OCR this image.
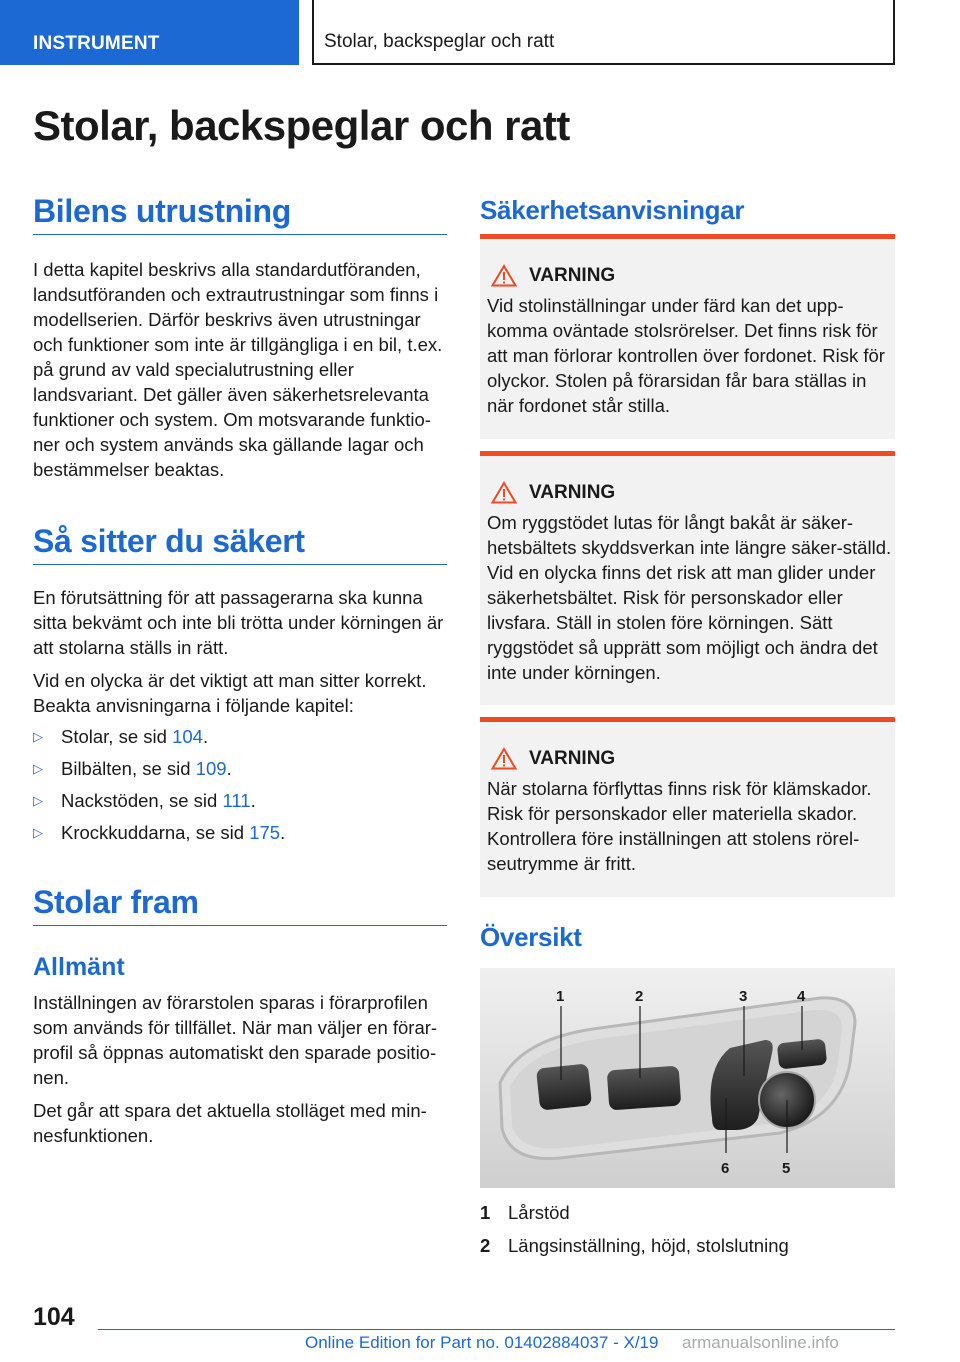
INSTRUMENT	Stolar, backspeglar och ratt
Stolar, backspeglar och ratt
Bilens utrustning

I detta kapitel beskrivs alla standardutföranden, landsutföranden och extrautrustningar som finns i modellserien. Därför beskrivs även utrustningar och funktioner som inte är tillgängliga i en bil, t.ex. på grund av vald specialutrustning eller landsvariant. Det gäller även säkerhetsrelevanta funktioner och system. Om motsvarande funktio‐ner och system används ska gällande lagar och bestämmelser beaktas.

Så sitter du säkert

En förutsättning för att passagerarna ska kunna sitta bekvämt och inte bli trötta under körningen är att stolarna ställs in rätt.

Vid en olycka är det viktigt att man sitter korrekt. Beakta anvisningarna i följande kapitel:

▷ Stolar, se sid 104.
▷ Bilbälten, se sid 109.
▷ Nackstöden, se sid 111.
▷ Krockkuddarna, se sid 175.
Stolar fram
Allmänt

Inställningen av förarstolen sparas i förarprofilen som används för tillfället. När man väljer en förar‐profil så öppnas automatiskt den sparade positio‐nen.

Det går att spara det aktuella stolläget med min‐nesfunktionen.

Säkerhetsanvisningar
VARNING
Vid stolinställningar under färd kan det upp‐komma oväntade stolsrörelser. Det finns risk för att man förlorar kontrollen över fordonet. Risk för olyckor. Stolen på förarsidan får bara ställas in när fordonet står stilla.
VARNING
Om ryggstödet lutas för långt bakåt är säker‐hetsbältets skyddsverkan inte längre säker‐ställd. Vid en olycka finns det risk att man glider under säkerhetsbältet. Risk för personskador eller livsfara. Ställ in stolen före körningen. Sätt ryggstödet så upprätt som möjligt och ändra det inte under körningen.
VARNING
När stolarna förflyttas finns risk för klämskador. Risk för personskador eller materiella skador. Kontrollera före inställningen att stolens rörel‐seutrymme är fritt.
Översikt
1	2	3	4
5
6
1 Lårstöd
2 Längsinställning, höjd, stolslutning
104
Online Edition for Part no. 01402884037 - X/19 armanualsonline.info
